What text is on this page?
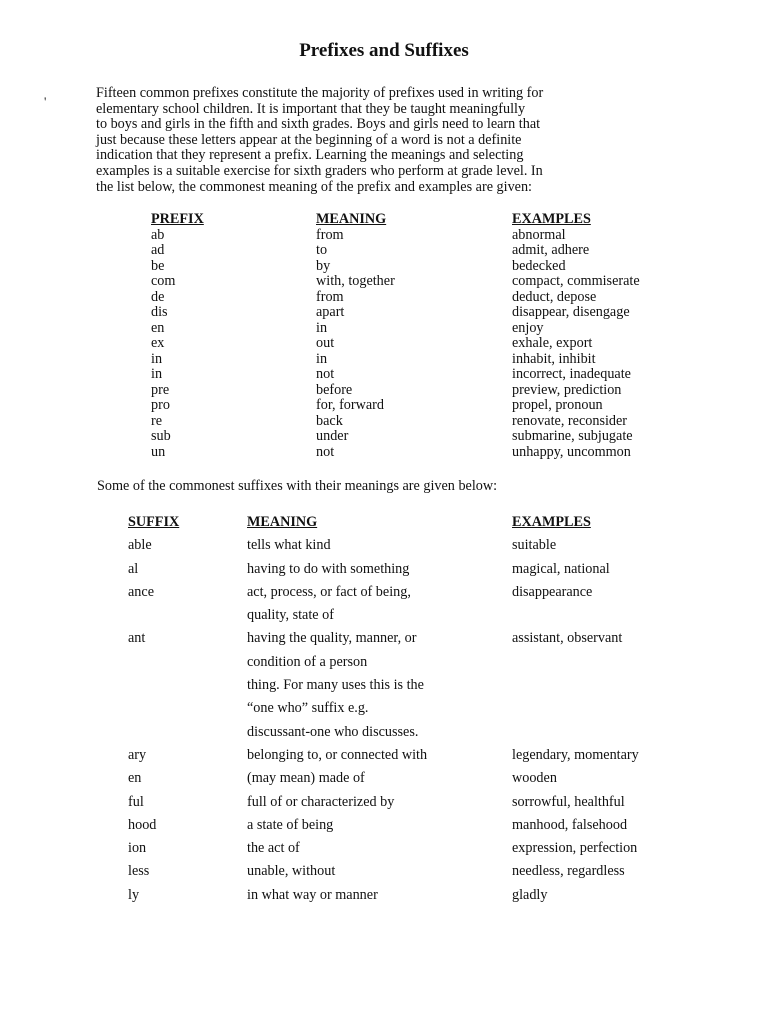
Prefixes and Suffixes
'
Fifteen common prefixes constitute the majority of prefixes used in writing for
elementary school children. It is important that they be taught meaningfully
to boys and girls in the fifth and sixth grades. Boys and girls need to learn that
just because these letters appear at the beginning of a word is not a definite
indication that they represent a prefix. Learning the meanings and selecting
examples is a suitable exercise for sixth graders who perform at grade level. In
the list below, the commonest meaning of the prefix and examples are given:
PREFIX	MEANING	EXAMPLES
ab	from	abnormal
ad	to	admit, adhere
be	by	bedecked
com	with, together	compact, commiserate
de	from	deduct, depose
dis	apart	disappear, disengage
en	in	enjoy
ex	out	exhale, export
in	in	inhabit, inhibit
in	not	incorrect, inadequate
pre	before	preview, prediction
pro	for, forward	propel, pronoun
re	back	renovate, reconsider
sub	under	submarine, subjugate
un	not	unhappy, uncommon
Some of the commonest suffixes with their meanings are given below:
SUFFIX	MEANING	EXAMPLES
able	tells what kind	suitable
al	having to do with something	magical, national
ance	act, process, or fact of being,	disappearance
quality, state of
ant	having the quality, manner, or	assistant, observant
condition of a person
thing. For many uses this is the
“one who” suffix e.g.
discussant-one who discusses.
ary	belonging to, or connected with	legendary, momentary
en	(may mean) made of	wooden
ful	full of or characterized by	sorrowful, healthful
hood	a state of being	manhood, falsehood
ion	the act of	expression, perfection
less	unable, without	needless, regardless
ly	in what way or manner	gladly
